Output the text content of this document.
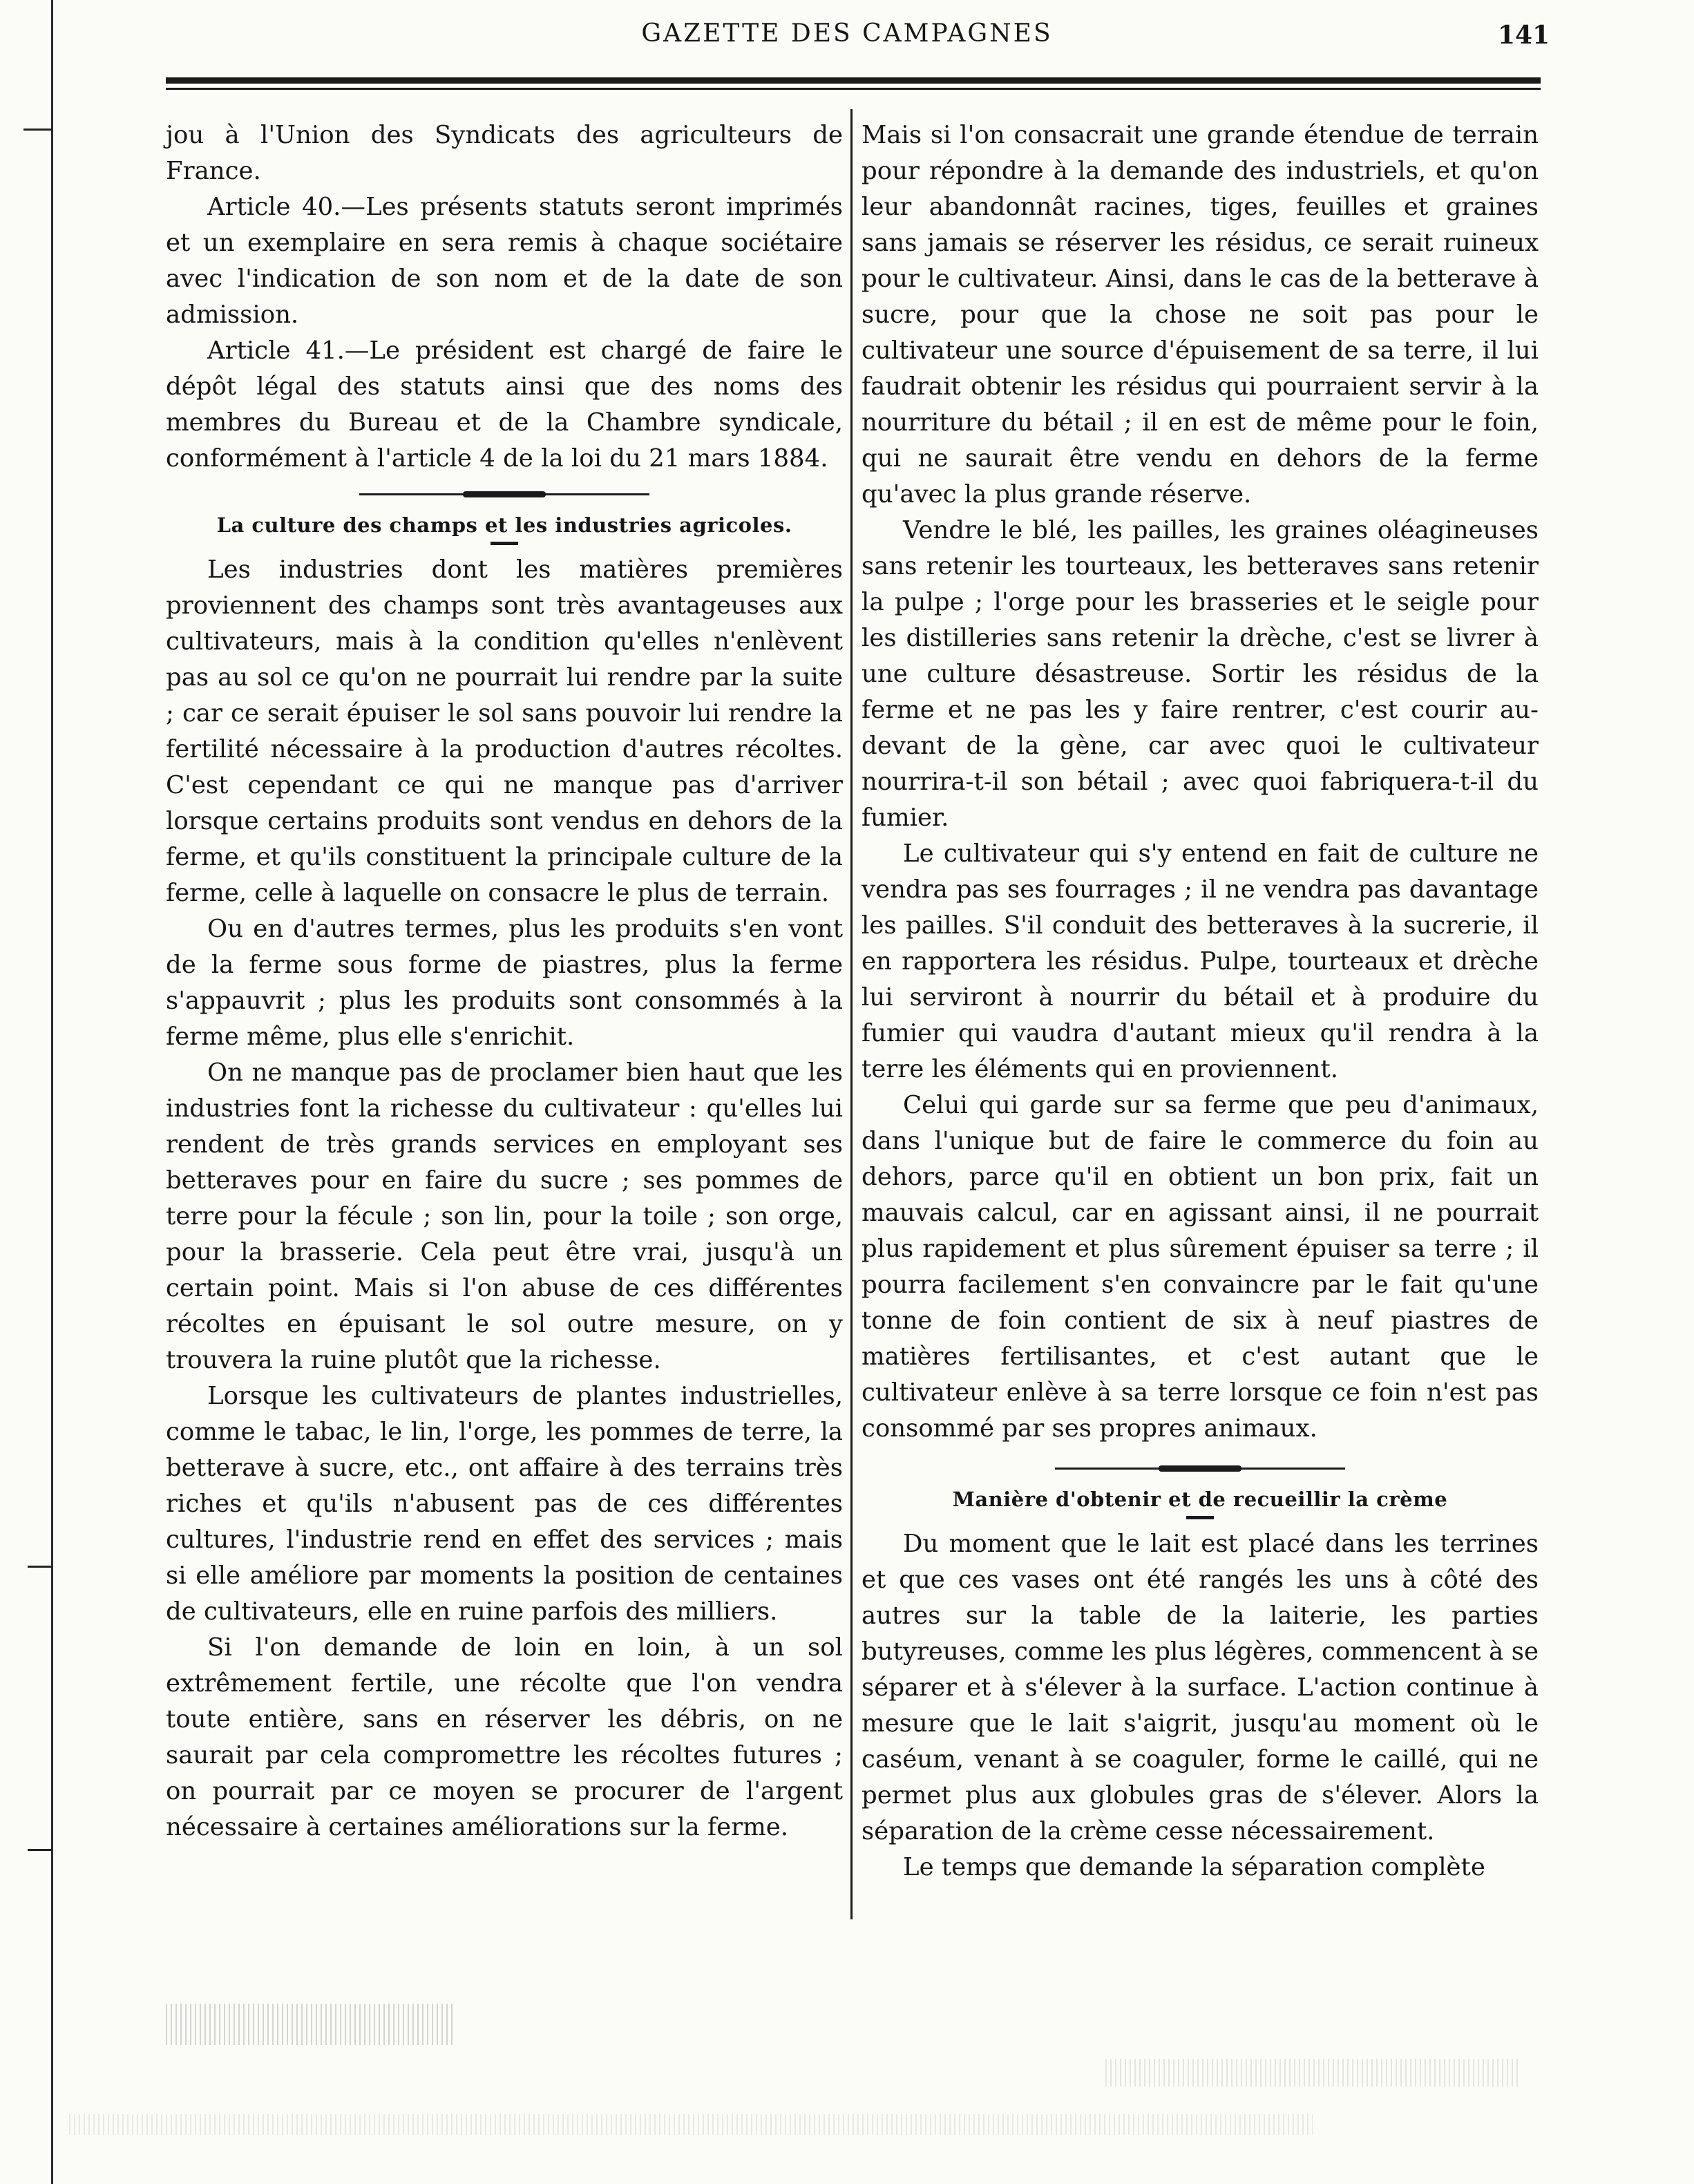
GAZETTE DES CAMPAGNES	141

jou à l'Union des Syndicats des agriculteurs de France.

Article 40.—Les présents statuts seront imprimés et un exemplaire en sera remis à chaque sociétaire avec l'indication de son nom et de la date de son admission.

Article 41.—Le président est chargé de faire le dépôt légal des statuts ainsi que des noms des membres du Bureau et de la Chambre syndicale, conformément à l'article 4 de la loi du 21 mars 1884.

La culture des champs et les industries agricoles.

Les industries dont les matières premières proviennent des champs sont très avantageuses aux cultivateurs, mais à la condition qu'elles n'enlèvent pas au sol ce qu'on ne pourrait lui rendre par la suite ; car ce serait épuiser le sol sans pouvoir lui rendre la fertilité nécessaire à la production d'autres récoltes. C'est cependant ce qui ne manque pas d'arriver lorsque certains produits sont vendus en dehors de la ferme, et qu'ils constituent la principale culture de la ferme, celle à laquelle on consacre le plus de terrain.

Ou en d'autres termes, plus les produits s'en vont de la ferme sous forme de piastres, plus la ferme s'appauvrit ; plus les produits sont consommés à la ferme même, plus elle s'enrichit.

On ne manque pas de proclamer bien haut que les industries font la richesse du cultivateur : qu'elles lui rendent de très grands services en employant ses betteraves pour en faire du sucre ; ses pommes de terre pour la fécule ; son lin, pour la toile ; son orge, pour la brasserie. Cela peut être vrai, jusqu'à un certain point. Mais si l'on abuse de ces différentes récoltes en épuisant le sol outre mesure, on y trouvera la ruine plutôt que la richesse.

Lorsque les cultivateurs de plantes industrielles, comme le tabac, le lin, l'orge, les pommes de terre, la betterave à sucre, etc., ont affaire à des terrains très riches et qu'ils n'abusent pas de ces différentes cultures, l'industrie rend en effet des services ; mais si elle améliore par moments la position de centaines de cultivateurs, elle en ruine parfois des milliers.

Si l'on demande de loin en loin, à un sol extrêmement fertile, une récolte que l'on vendra toute entière, sans en réserver les débris, on ne saurait par cela compromettre les récoltes futures ; on pourrait par ce moyen se procurer de l'argent nécessaire à certaines améliorations sur la ferme.

Mais si l'on consacrait une grande étendue de terrain pour répondre à la demande des industriels, et qu'on leur abandonnât racines, tiges, feuilles et graines sans jamais se réserver les résidus, ce serait ruineux pour le cultivateur. Ainsi, dans le cas de la betterave à sucre, pour que la chose ne soit pas pour le cultivateur une source d'épuisement de sa terre, il lui faudrait obtenir les résidus qui pourraient servir à la nourriture du bétail ; il en est de même pour le foin, qui ne saurait être vendu en dehors de la ferme qu'avec la plus grande réserve.

Vendre le blé, les pailles, les graines oléagineuses sans retenir les tourteaux, les betteraves sans retenir la pulpe ; l'orge pour les brasseries et le seigle pour les distilleries sans retenir la drèche, c'est se livrer à une culture désastreuse. Sortir les résidus de la ferme et ne pas les y faire rentrer, c'est courir au-devant de la gène, car avec quoi le cultivateur nourrira-t-il son bétail ; avec quoi fabriquera-t-il du fumier.

Le cultivateur qui s'y entend en fait de culture ne vendra pas ses fourrages ; il ne vendra pas davantage les pailles. S'il conduit des betteraves à la sucrerie, il en rapportera les résidus. Pulpe, tourteaux et drèche lui serviront à nourrir du bétail et à produire du fumier qui vaudra d'autant mieux qu'il rendra à la terre les éléments qui en proviennent.

Celui qui garde sur sa ferme que peu d'animaux, dans l'unique but de faire le commerce du foin au dehors, parce qu'il en obtient un bon prix, fait un mauvais calcul, car en agissant ainsi, il ne pourrait plus rapidement et plus sûrement épuiser sa terre ; il pourra facilement s'en convaincre par le fait qu'une tonne de foin contient de six à neuf piastres de matières fertilisantes, et c'est autant que le cultivateur enlève à sa terre lorsque ce foin n'est pas consommé par ses propres animaux.

Manière d'obtenir et de recueillir la crème

Du moment que le lait est placé dans les terrines et que ces vases ont été rangés les uns à côté des autres sur la table de la laiterie, les parties butyreuses, comme les plus légères, commencent à se séparer et à s'élever à la surface. L'action continue à mesure que le lait s'aigrit, jusqu'au moment où le caséum, venant à se coaguler, forme le caillé, qui ne permet plus aux globules gras de s'élever. Alors la séparation de la crème cesse nécessairement.

Le temps que demande la séparation complète
